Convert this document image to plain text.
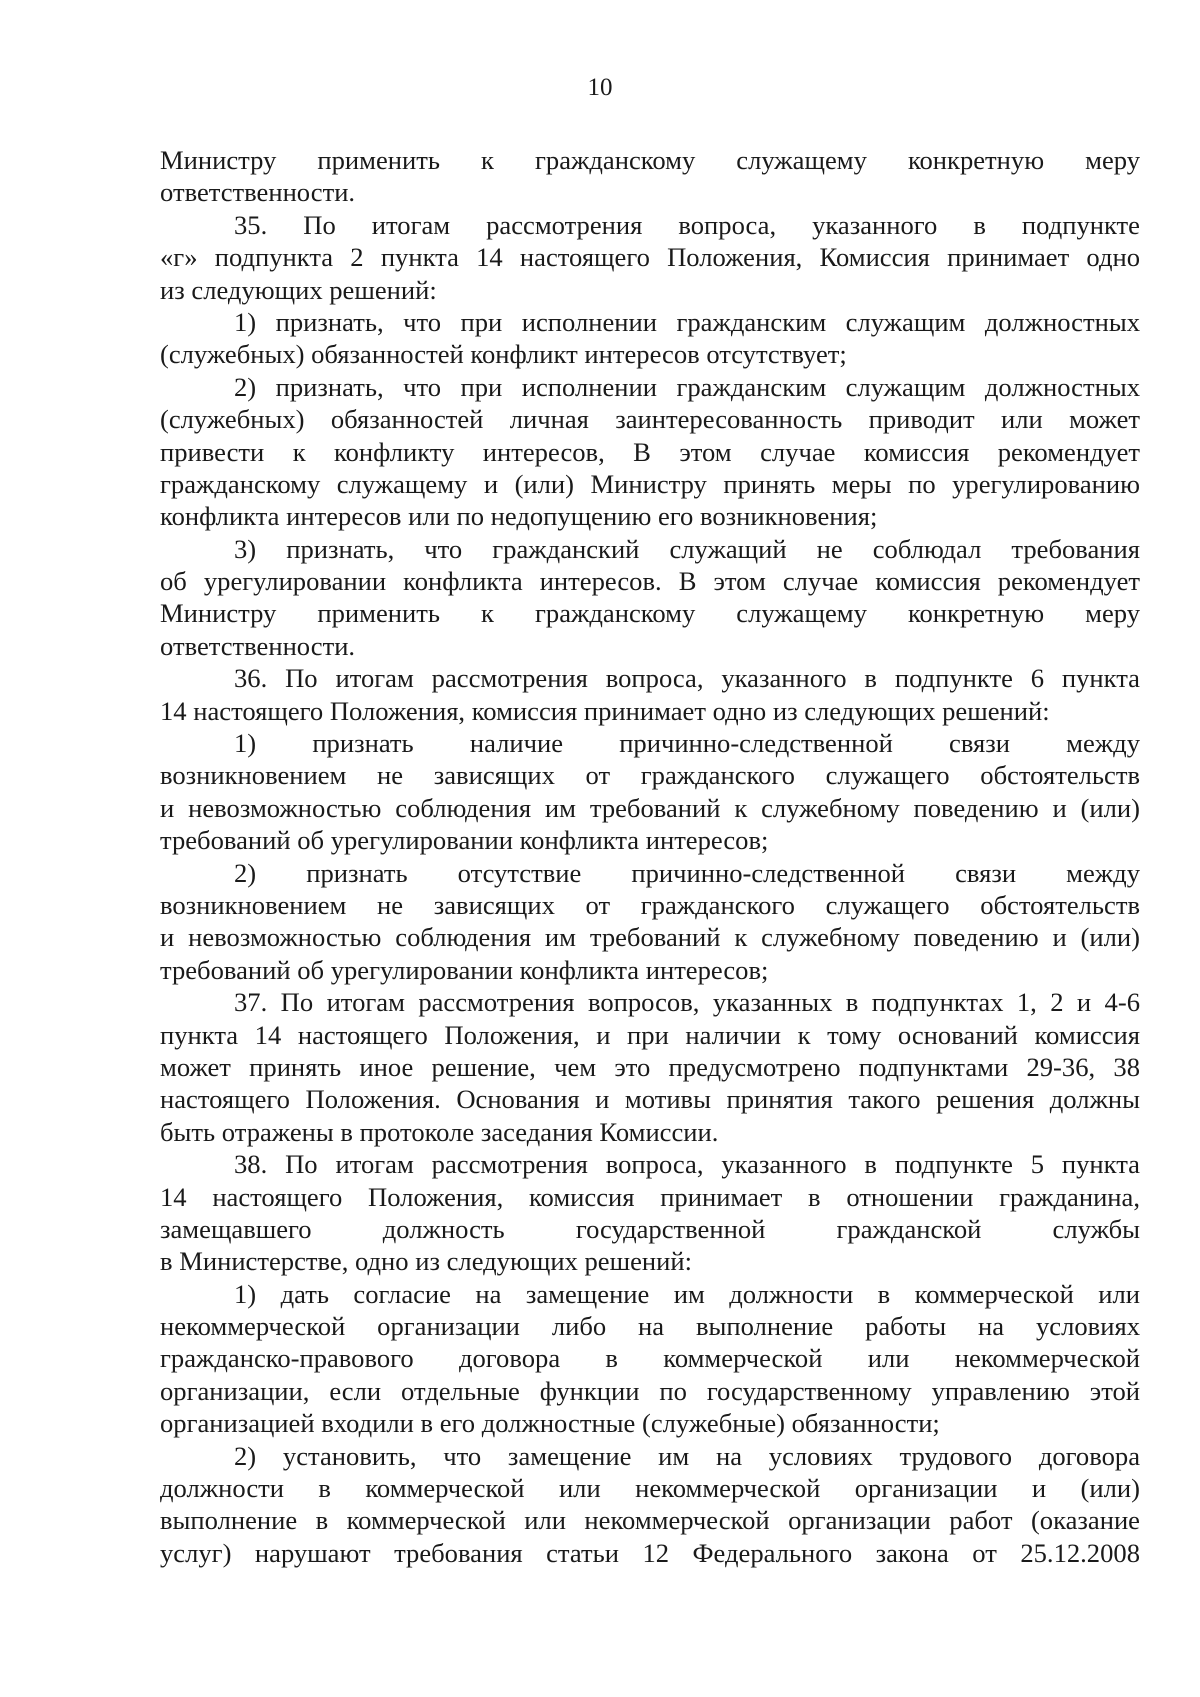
10
Министру применить к гражданскому служащему конкретную меру
ответственности.
35. По итогам рассмотрения вопроса, указанного в подпункте
«г» подпункта 2 пункта 14 настоящего Положения, Комиссия принимает одно
из следующих решений:
1) признать, что при исполнении гражданским служащим должностных
(служебных) обязанностей конфликт интересов отсутствует;
2) признать, что при исполнении гражданским служащим должностных
(служебных) обязанностей личная заинтересованность приводит или может
привести к конфликту интересов, В этом случае комиссия рекомендует
гражданскому служащему и (или) Министру принять меры по урегулированию
конфликта интересов или по недопущению его возникновения;
3) признать, что гражданский служащий не соблюдал требования
об урегулировании конфликта интересов. В этом случае комиссия рекомендует
Министру применить к гражданскому служащему конкретную меру
ответственности.
36. По итогам рассмотрения вопроса, указанного в подпункте 6 пункта
14 настоящего Положения, комиссия принимает одно из следующих решений:
1) признать наличие причинно-следственной связи между
возникновением не зависящих от гражданского служащего обстоятельств
и невозможностью соблюдения им требований к служебному поведению и (или)
требований об урегулировании конфликта интересов;
2) признать отсутствие причинно-следственной связи между
возникновением не зависящих от гражданского служащего обстоятельств
и невозможностью соблюдения им требований к служебному поведению и (или)
требований об урегулировании конфликта интересов;
37. По итогам рассмотрения вопросов, указанных в подпунктах 1, 2 и 4-6
пункта 14 настоящего Положения, и при наличии к тому оснований комиссия
может принять иное решение, чем это предусмотрено подпунктами 29-36, 38
настоящего Положения. Основания и мотивы принятия такого решения должны
быть отражены в протоколе заседания Комиссии.
38. По итогам рассмотрения вопроса, указанного в подпункте 5 пункта
14 настоящего Положения, комиссия принимает в отношении гражданина,
замещавшего должность государственной гражданской службы
в Министерстве, одно из следующих решений:
1) дать согласие на замещение им должности в коммерческой или
некоммерческой организации либо на выполнение работы на условиях
гражданско-правового договора в коммерческой или некоммерческой
организации, если отдельные функции по государственному управлению этой
организацией входили в его должностные (служебные) обязанности;
2) установить, что замещение им на условиях трудового договора
должности в коммерческой или некоммерческой организации и (или)
выполнение в коммерческой или некоммерческой организации работ (оказание
услуг) нарушают требования статьи 12 Федерального закона от 25.12.2008
